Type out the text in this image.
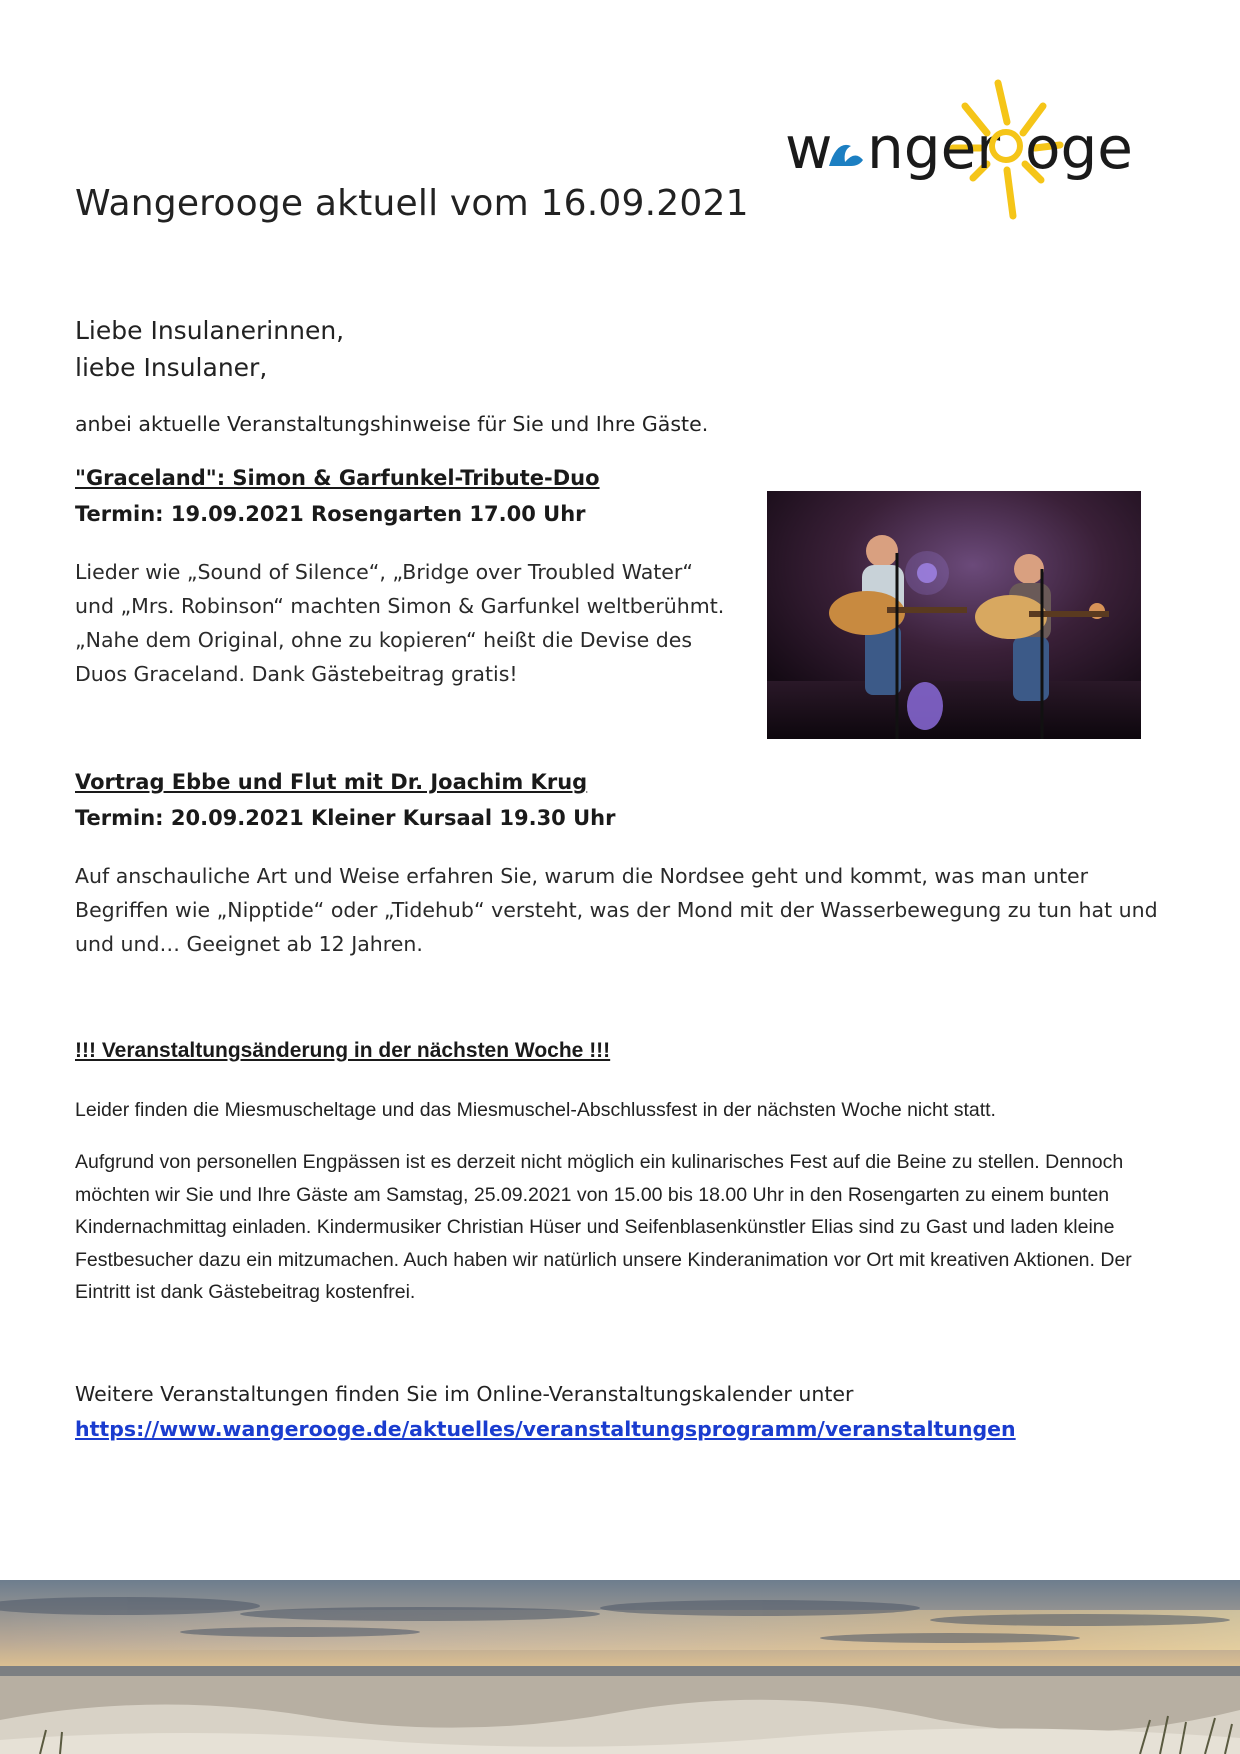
w nger oge
Wangerooge aktuell vom 16.09.2021
Liebe Insulanerinnen,
liebe Insulaner,

anbei aktuelle Veranstaltungshinweise für Sie und Ihre Gäste.

"Graceland": Simon & Garfunkel-Tribute-Duo
Termin: 19.09.2021 Rosengarten 17.00 Uhr

Lieder wie „Sound of Silence“, „Bridge over Troubled Water“ und „Mrs. Robinson“ machten Simon & Garfunkel weltberühmt. „Nahe dem Original, ohne zu kopieren“ heißt die Devise des Duos Graceland. Dank Gästebeitrag gratis!

Vortrag Ebbe und Flut mit Dr. Joachim Krug
Termin: 20.09.2021 Kleiner Kursaal 19.30 Uhr

Auf anschauliche Art und Weise erfahren Sie, warum die Nordsee geht und kommt, was man unter Begriffen wie „Nipptide“ oder „Tidehub“ versteht, was der Mond mit der Wasserbewegung zu tun hat und und und… Geeignet ab 12 Jahren.

!!! Veranstaltungsänderung in der nächsten Woche !!!

Leider finden die Miesmuscheltage und das Miesmuschel-Abschlussfest in der nächsten Woche nicht statt.

Aufgrund von personellen Engpässen ist es derzeit nicht möglich ein kulinarisches Fest auf die Beine zu stellen. Dennoch möchten wir Sie und Ihre Gäste am Samstag, 25.09.2021 von 15.00 bis 18.00 Uhr in den Rosengarten zu einem bunten Kindernachmittag einladen. Kindermusiker Christian Hüser und Seifenblasenkünstler Elias sind zu Gast und laden kleine Festbesucher dazu ein mitzumachen. Auch haben wir natürlich unsere Kinderanimation vor Ort mit kreativen Aktionen. Der Eintritt ist dank Gästebeitrag kostenfrei.

Weitere Veranstaltungen finden Sie im Online-Veranstaltungskalender unter

https://www.wangerooge.de/aktuelles/veranstaltungsprogramm/veranstaltungen
